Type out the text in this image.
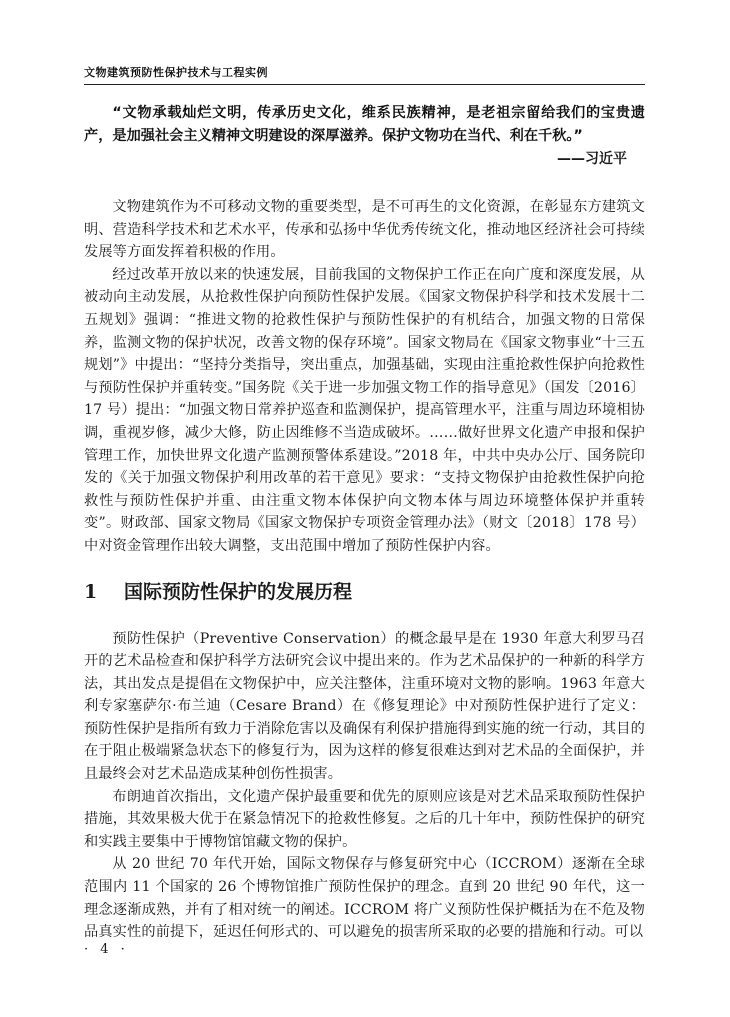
文物建筑预防性保护技术与工程实例

“文物承载灿烂文明，传承历史文化，维系民族精神，是老祖宗留给我们的宝贵遗产，是加强社会主义精神文明建设的深厚滋养。保护文物功在当代、利在千秋。”

——习近平

文物建筑作为不可移动文物的重要类型，是不可再生的文化资源，在彰显东方建筑文明、营造科学技术和艺术水平，传承和弘扬中华优秀传统文化，推动地区经济社会可持续发展等方面发挥着积极的作用。

经过改革开放以来的快速发展，目前我国的文物保护工作正在向广度和深度发展，从被动向主动发展，从抢救性保护向预防性保护发展。《国家文物保护科学和技术发展十二五规划》强调：“推进文物的抢救性保护与预防性保护的有机结合，加强文物的日常保养，监测文物的保护状况，改善文物的保存环境”。国家文物局在《国家文物事业“十三五规划”》中提出：“坚持分类指导，突出重点，加强基础，实现由注重抢救性保护向抢救性与预防性保护并重转变。”国务院《关于进一步加强文物工作的指导意见》（国发〔2016〕17 号）提出：“加强文物日常养护巡查和监测保护，提高管理水平，注重与周边环境相协调，重视岁修，减少大修，防止因维修不当造成破坏。……做好世界文化遗产申报和保护管理工作，加快世界文化遗产监测预警体系建设。”2018 年，中共中央办公厅、国务院印发的《关于加强文物保护利用改革的若干意见》要求：“支持文物保护由抢救性保护向抢救性与预防性保护并重、由注重文物本体保护向文物本体与周边环境整体保护并重转变”。财政部、国家文物局《国家文物保护专项资金管理办法》（财文〔2018〕178 号）中对资金管理作出较大调整，支出范围中增加了预防性保护内容。

1 国际预防性保护的发展历程

预防性保护（Preventive Conservation）的概念最早是在 1930 年意大利罗马召开的艺术品检查和保护科学方法研究会议中提出来的。作为艺术品保护的一种新的科学方法，其出发点是提倡在文物保护中，应关注整体，注重环境对文物的影响。1963 年意大利专家塞萨尔·布兰迪（Cesare Brand）在《修复理论》中对预防性保护进行了定义：预防性保护是指所有致力于消除危害以及确保有利保护措施得到实施的统一行动，其目的在于阻止极端紧急状态下的修复行为，因为这样的修复很难达到对艺术品的全面保护，并且最终会对艺术品造成某种创伤性损害。

布朗迪首次指出，文化遗产保护最重要和优先的原则应该是对艺术品采取预防性保护措施，其效果极大优于在紧急情况下的抢救性修复。之后的几十年中，预防性保护的研究和实践主要集中于博物馆馆藏文物的保护。

从 20 世纪 70 年代开始，国际文物保存与修复研究中心（ICCROM）逐渐在全球范围内 11 个国家的 26 个博物馆推广预防性保护的理念。直到 20 世纪 90 年代，这一理念逐渐成熟，并有了相对统一的阐述。ICCROM 将广义预防性保护概括为在不危及物品真实性的前提下，延迟任何形式的、可以避免的损害所采取的必要的措施和行动。可以

· 4 ·
